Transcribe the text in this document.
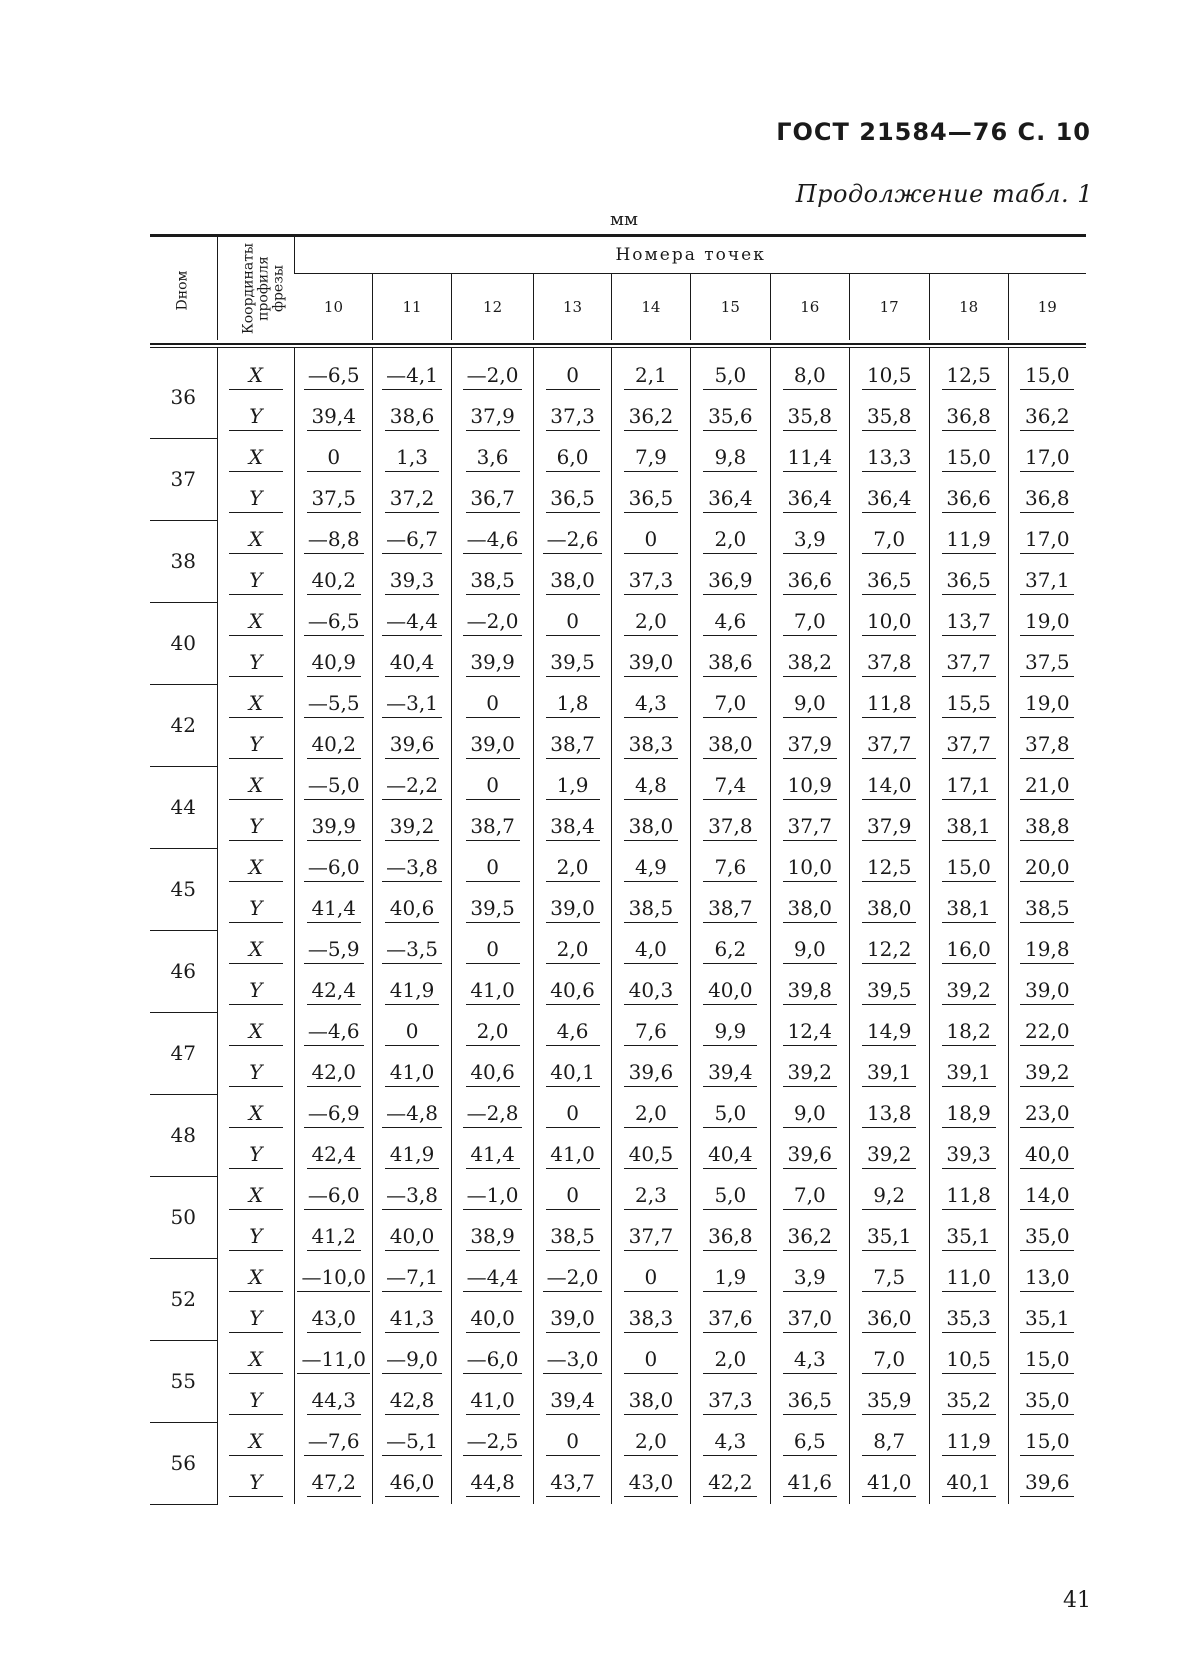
ГОСТ 21584—76 С. 10
Продолжение табл. 1
мм
Dном	Координаты профиля фрезы	Номера точек									
		10	11	12	13	14	15	16	17	18	19
36	X	—6,5	—4,1	—2,0	0	2,1	5,0	8,0	10,5	12,5	15,0
	Y	39,4	38,6	37,9	37,3	36,2	35,6	35,8	35,8	36,8	36,2
37	X	0	1,3	3,6	6,0	7,9	9,8	11,4	13,3	15,0	17,0
	Y	37,5	37,2	36,7	36,5	36,5	36,4	36,4	36,4	36,6	36,8
38	X	—8,8	—6,7	—4,6	—2,6	0	2,0	3,9	7,0	11,9	17,0
	Y	40,2	39,3	38,5	38,0	37,3	36,9	36,6	36,5	36,5	37,1
40	X	—6,5	—4,4	—2,0	0	2,0	4,6	7,0	10,0	13,7	19,0
	Y	40,9	40,4	39,9	39,5	39,0	38,6	38,2	37,8	37,7	37,5
42	X	—5,5	—3,1	0	1,8	4,3	7,0	9,0	11,8	15,5	19,0
	Y	40,2	39,6	39,0	38,7	38,3	38,0	37,9	37,7	37,7	37,8
44	X	—5,0	—2,2	0	1,9	4,8	7,4	10,9	14,0	17,1	21,0
	Y	39,9	39,2	38,7	38,4	38,0	37,8	37,7	37,9	38,1	38,8
45	X	—6,0	—3,8	0	2,0	4,9	7,6	10,0	12,5	15,0	20,0
	Y	41,4	40,6	39,5	39,0	38,5	38,7	38,0	38,0	38,1	38,5
46	X	—5,9	—3,5	0	2,0	4,0	6,2	9,0	12,2	16,0	19,8
	Y	42,4	41,9	41,0	40,6	40,3	40,0	39,8	39,5	39,2	39,0
47	X	—4,6	0	2,0	4,6	7,6	9,9	12,4	14,9	18,2	22,0
	Y	42,0	41,0	40,6	40,1	39,6	39,4	39,2	39,1	39,1	39,2
48	X	—6,9	—4,8	—2,8	0	2,0	5,0	9,0	13,8	18,9	23,0
	Y	42,4	41,9	41,4	41,0	40,5	40,4	39,6	39,2	39,3	40,0
50	X	—6,0	—3,8	—1,0	0	2,3	5,0	7,0	9,2	11,8	14,0
	Y	41,2	40,0	38,9	38,5	37,7	36,8	36,2	35,1	35,1	35,0
52	X	—10,0	—7,1	—4,4	—2,0	0	1,9	3,9	7,5	11,0	13,0
	Y	43,0	41,3	40,0	39,0	38,3	37,6	37,0	36,0	35,3	35,1
55	X	—11,0	—9,0	—6,0	—3,0	0	2,0	4,3	7,0	10,5	15,0
	Y	44,3	42,8	41,0	39,4	38,0	37,3	36,5	35,9	35,2	35,0
56	X	—7,6	—5,1	—2,5	0	2,0	4,3	6,5	8,7	11,9	15,0
	Y	47,2	46,0	44,8	43,7	43,0	42,2	41,6	41,0	40,1	39,6
41
